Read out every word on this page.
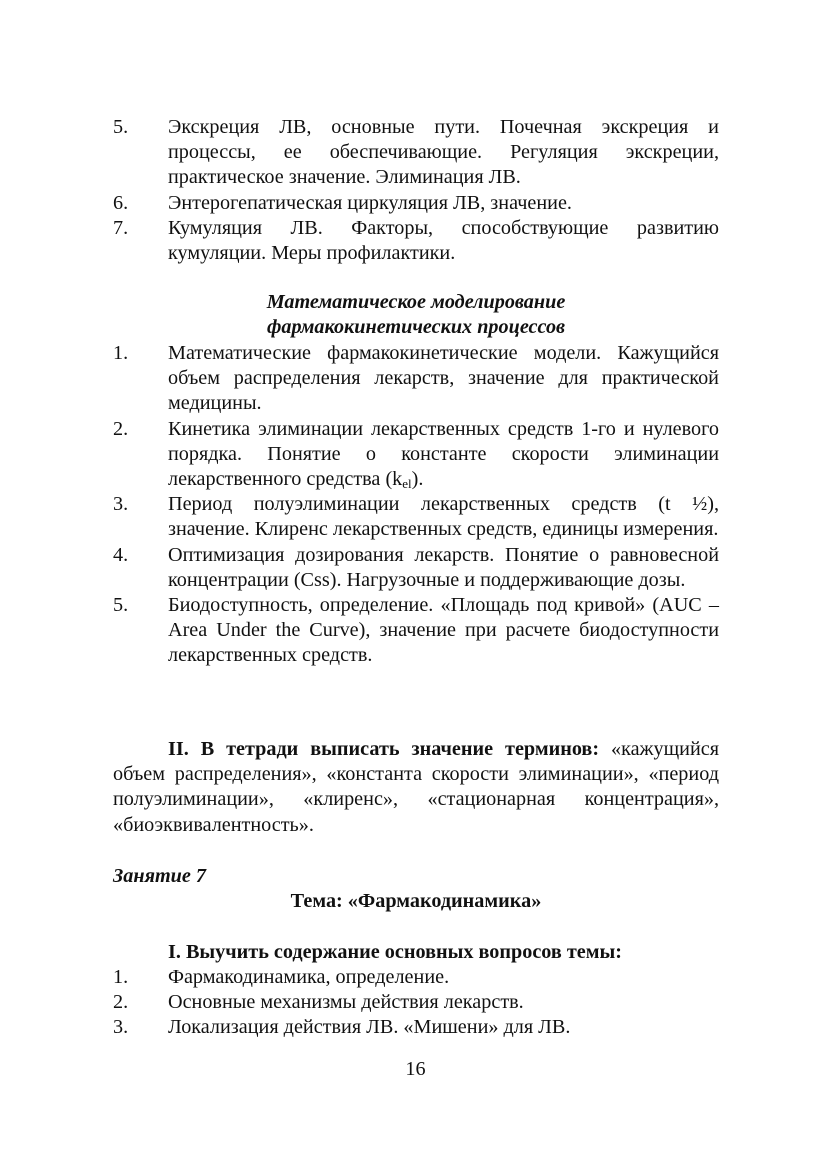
5. Экскреция ЛВ, основные пути. Почечная экскреция и процессы, ее обеспечивающие. Регуляция экскреции, практическое значение. Элиминация ЛВ.
6. Энтерогепатическая циркуляция ЛВ, значение.
7. Кумуляция ЛВ. Факторы, способствующие развитию кумуляции. Меры профилактики.
Математическое моделирование
фармакокинетических процессов
1. Математические фармакокинетические модели. Кажущийся объем распределения лекарств, значение для практической медицины.
2. Кинетика элиминации лекарственных средств 1-го и нулевого порядка. Понятие о константе скорости элиминации лекарственного средства $(k_{el})$.
3. Период полуэлиминации лекарственных средств (t ½), значение. Клиренс лекарственных средств, единицы измерения.
4. Оптимизация дозирования лекарств. Понятие о равновесной концентрации (Css). Нагрузочные и поддерживающие дозы.
5. Биодоступность, определение. «Площадь под кривой» (AUC – Area Under the Curve), значение при расчете биодоступности лекарственных средств.

II. В тетради выписать значение терминов: «кажущийся объем распределения», «константа скорости элиминации», «период полуэлиминации», «клиренс», «стационарная концентрация», «биоэквивалентность».

Занятие 7
Тема: «Фармакодинамика»
I. Выучить содержание основных вопросов темы:
1. Фармакодинамика, определение.
2. Основные механизмы действия лекарств.
3. Локализация действия ЛВ. «Мишени» для ЛВ.
16
